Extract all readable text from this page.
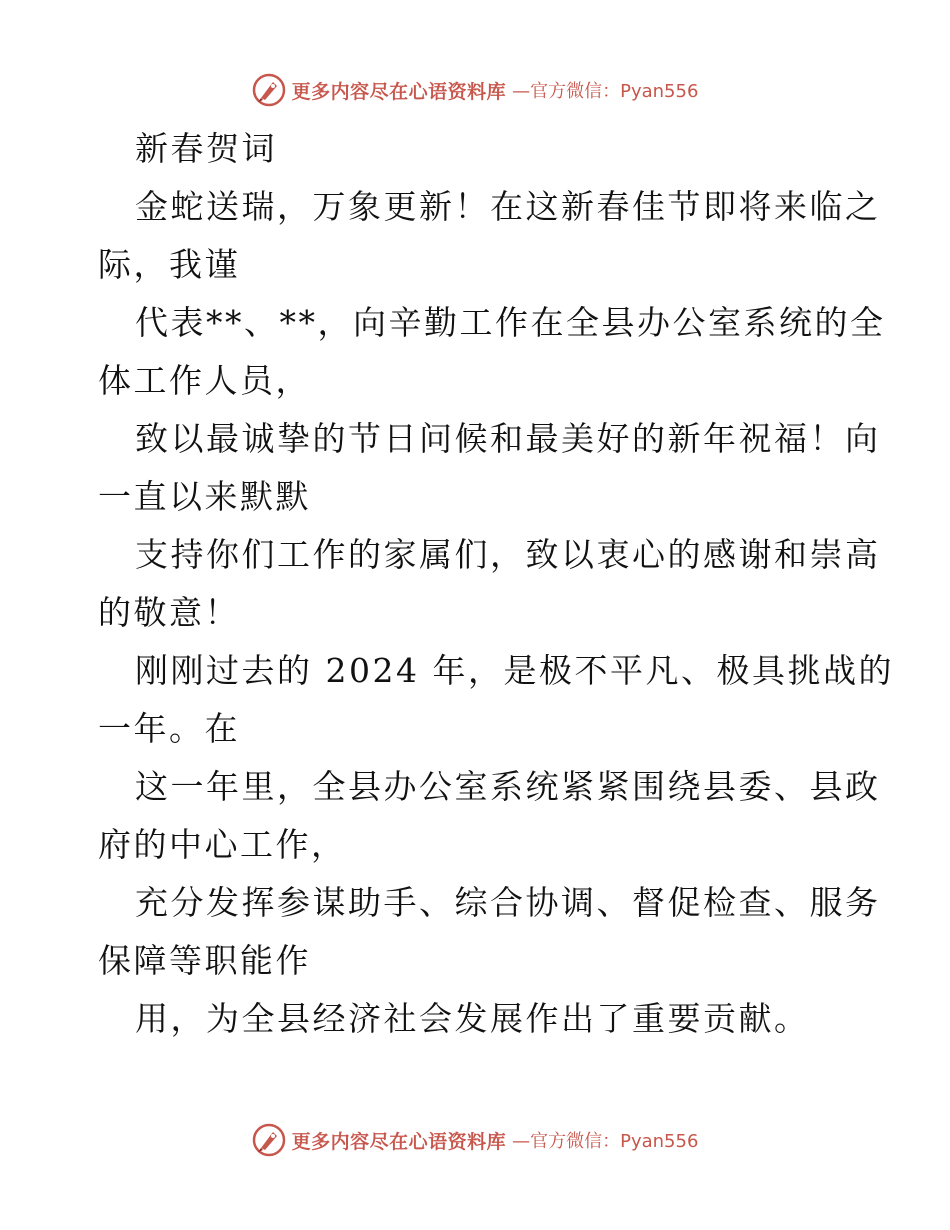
更多内容尽在心语资料库 —官方微信：Pyan556
新春贺词
金蛇送瑞，万象更新！在这新春佳节即将来临之
际，我谨
代表**、**，向辛勤工作在全县办公室系统的全
体工作人员，
致以最诚挚的节日问候和最美好的新年祝福！向
一直以来默默
支持你们工作的家属们，致以衷心的感谢和崇高
的敬意！
刚刚过去的 2024 年，是极不平凡、极具挑战的
一年。在
这一年里，全县办公室系统紧紧围绕县委、县政
府的中心工作，
充分发挥参谋助手、综合协调、督促检查、服务
保障等职能作
用，为全县经济社会发展作出了重要贡献。
更多内容尽在心语资料库 —官方微信：Pyan556
